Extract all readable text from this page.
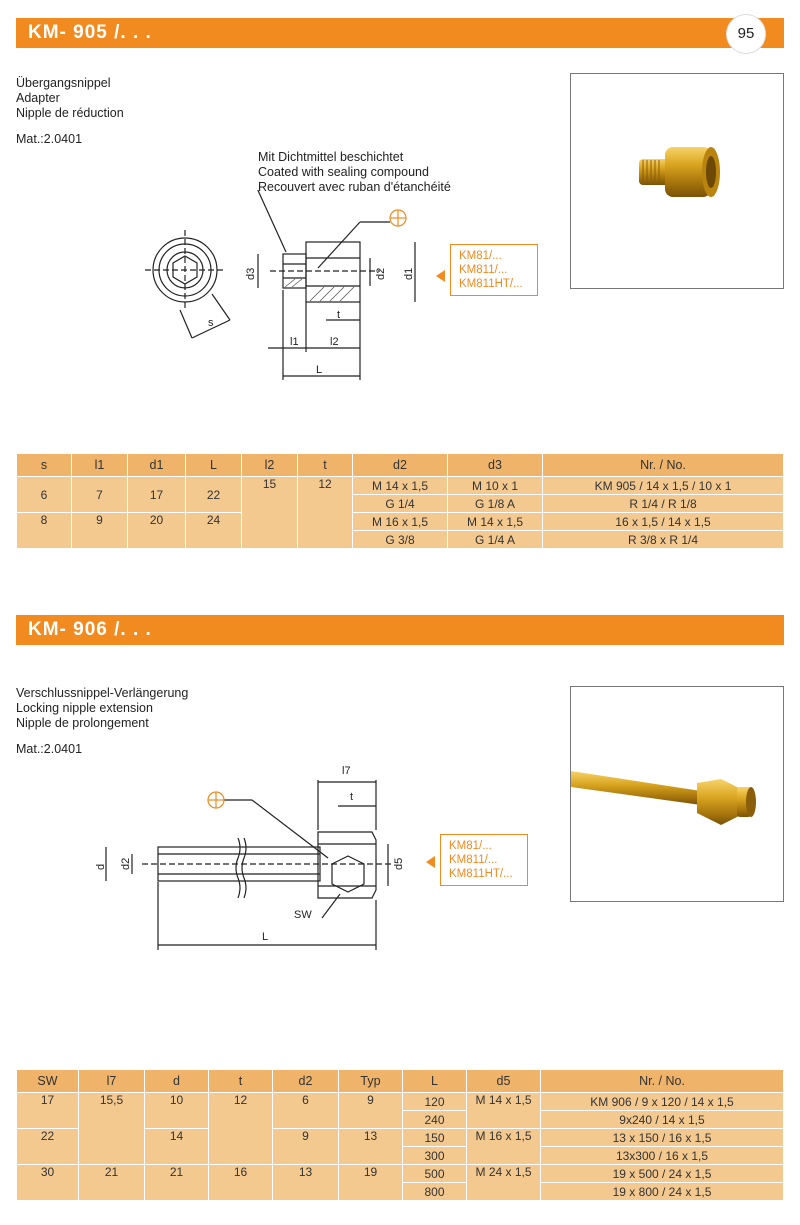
KM- 905 /. . .	95
Übergangsnippel
Adapter
Nipple de réduction
Mat.:2.0401
Mit Dichtmittel beschichtet
Coated with sealing compound
Recouvert avec ruban d'étanchéité
d3	d2 d1
s
t
l1	l2
L
KM81/...
KM811/...
KM811HT/...
s	l1	d1	L	l2	t	d2	d3	Nr. / No.
6	7	17	22	15	12	M 14 x 1,5	M 10 x 1	KM 905 / 14 x 1,5 / 10 x 1
						G 1/4	G 1/8 A	R 1/4 / R 1/8
8	9	20	24			M 16 x 1,5	M 14 x 1,5	16 x 1,5 / 14 x 1,5
						G 3/8	G 1/4 A	R 3/8 x R 1/4
KM- 906 /. . .
Verschlussnippel-Verlängerung
Locking nipple extension
Nipple de prolongement
Mat.:2.0401
d d2	d5
l7
t
SW
L
KM81/...
KM811/...
KM811HT/...
SW	l7	d	t	d2	Typ	L	d5	Nr. / No.
17	15,5	10	12	6	9	120	M 14 x 1,5	KM 906 / 9 x 120 / 14 x 1,5
						240		9x240 / 14 x 1,5
22		14		9	13	150	M 16 x 1,5	13 x 150 / 16 x 1,5
						300		13x300 / 16 x 1,5
30	21	21	16	13	19	500	M 24 x 1,5	19 x 500 / 24 x 1,5
						800		19 x 800 / 24 x 1,5
